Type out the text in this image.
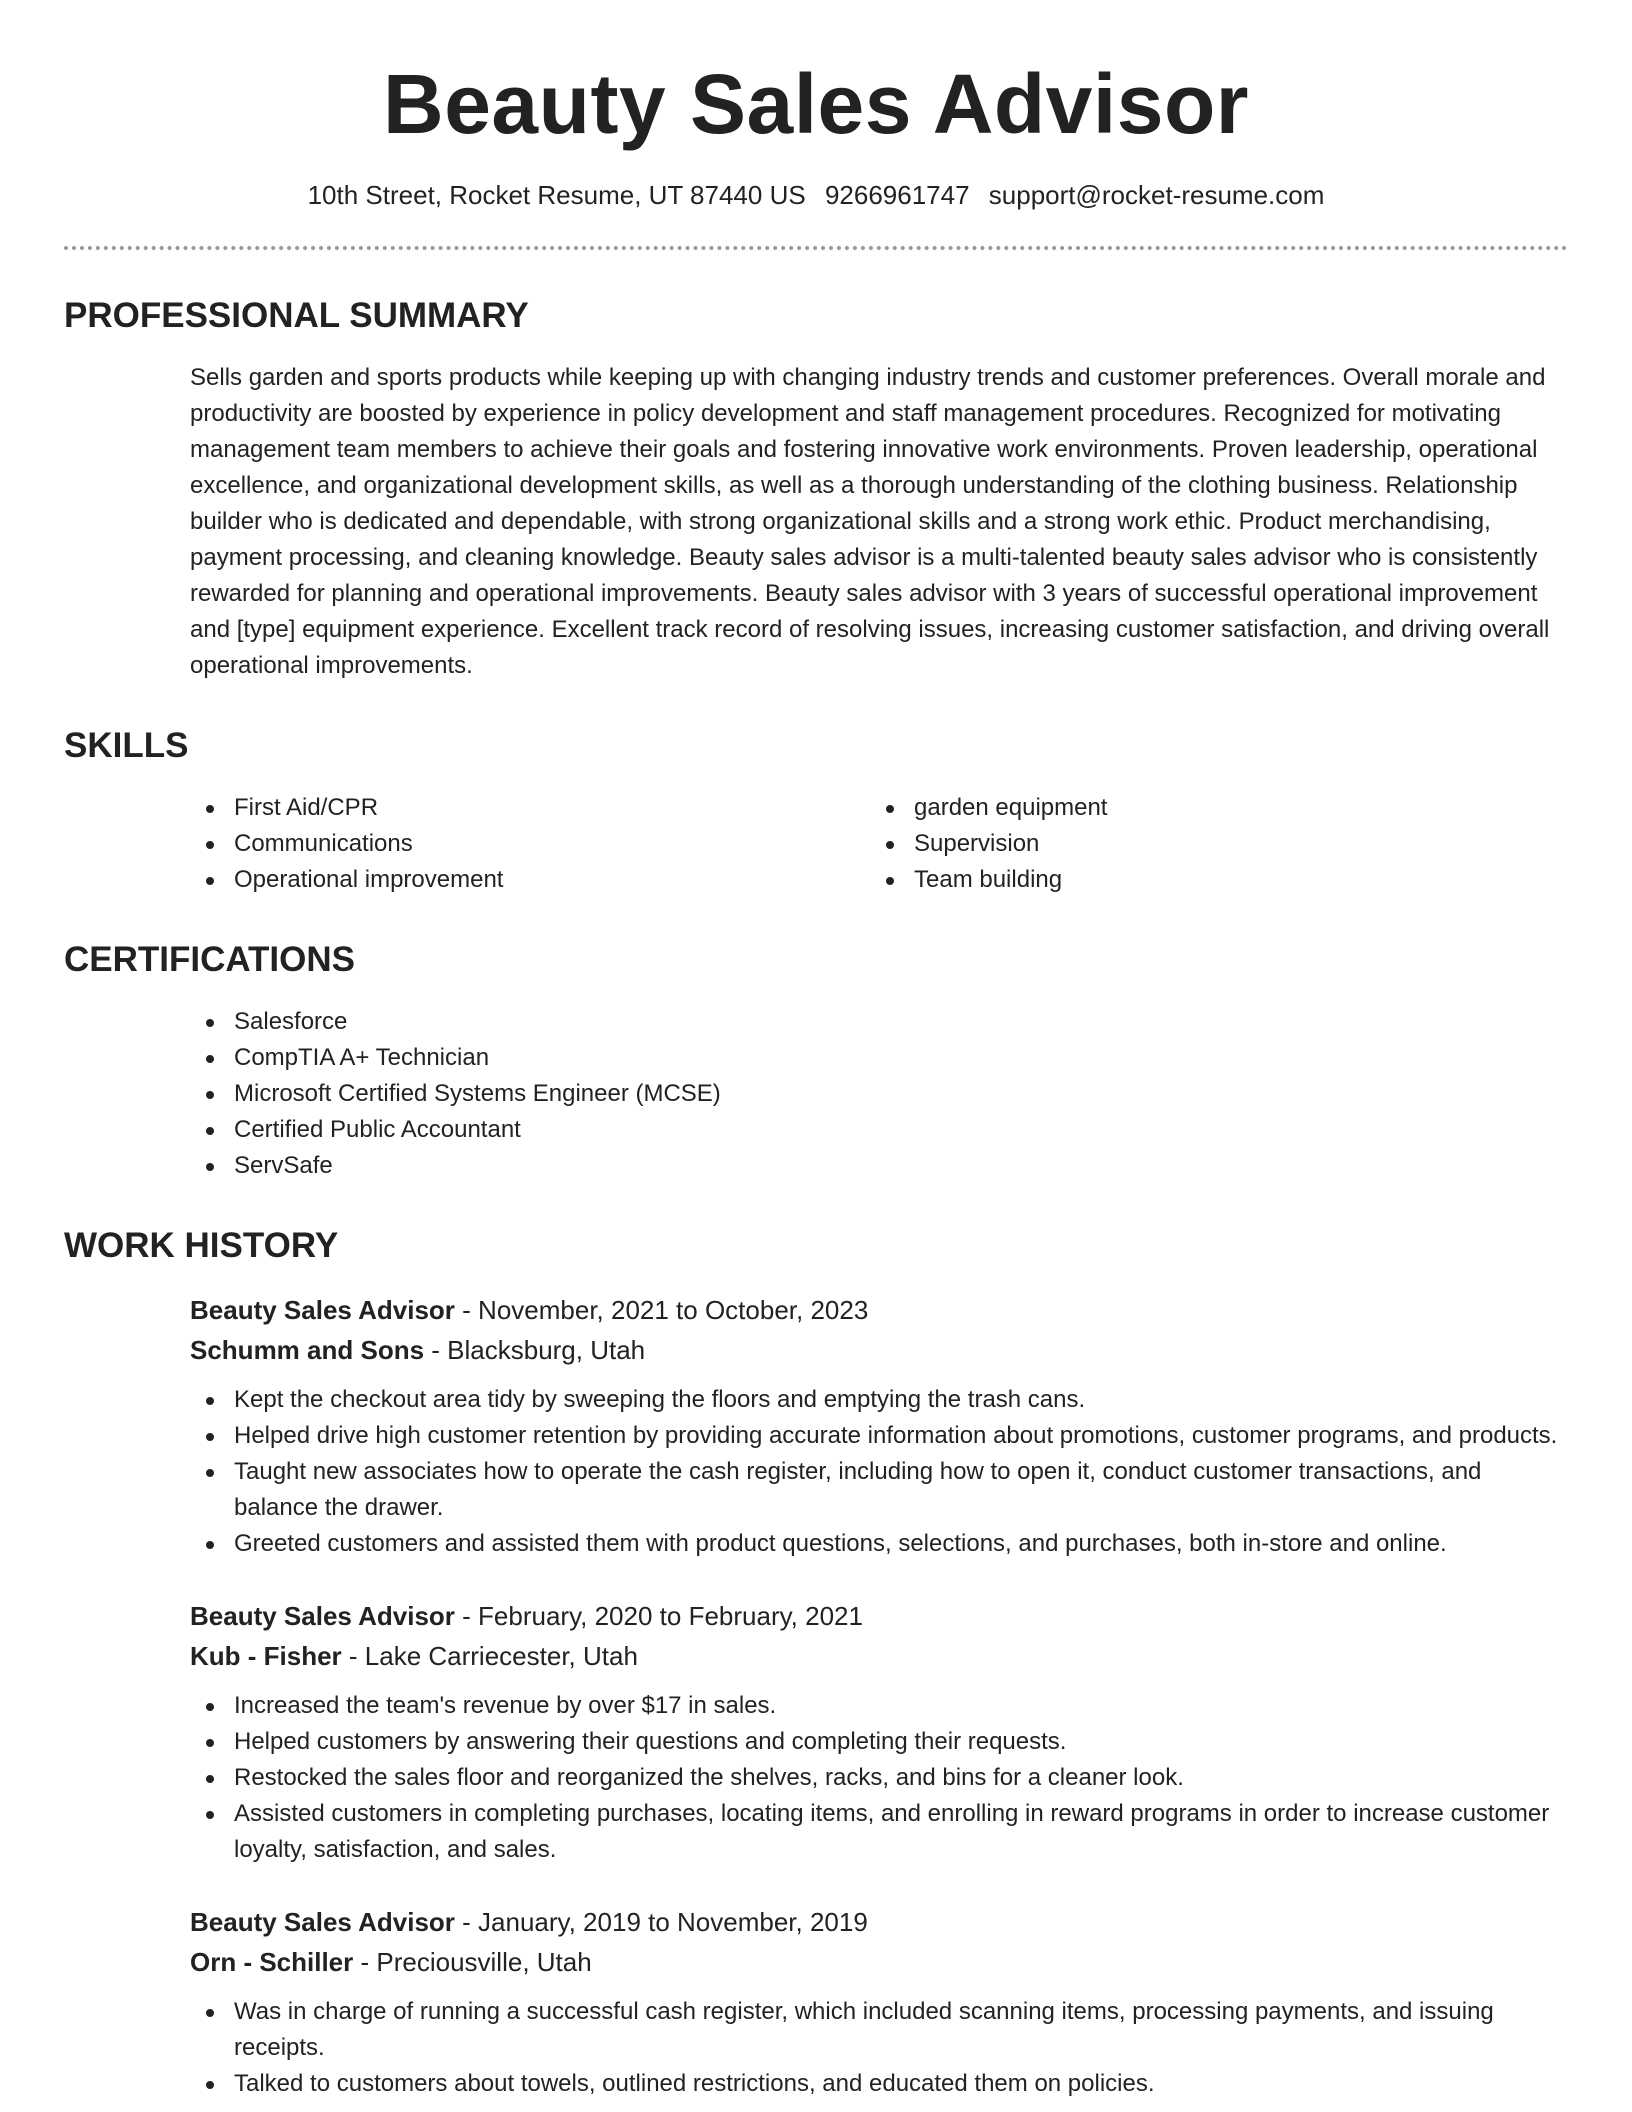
Beauty Sales Advisor
10th Street, Rocket Resume, UT 87440 US 9266961747 support@rocket-resume.com
PROFESSIONAL SUMMARY

Sells garden and sports products while keeping up with changing industry trends and customer preferences. Overall morale and productivity are boosted by experience in policy development and staff management procedures. Recognized for motivating management team members to achieve their goals and fostering innovative work environments. Proven leadership, operational excellence, and organizational development skills, as well as a thorough understanding of the clothing business. Relationship builder who is dedicated and dependable, with strong organizational skills and a strong work ethic. Product merchandising, payment processing, and cleaning knowledge. Beauty sales advisor is a multi-talented beauty sales advisor who is consistently rewarded for planning and operational improvements. Beauty sales advisor with 3 years of successful operational improvement and [type] equipment experience. Excellent track record of resolving issues, increasing customer satisfaction, and driving overall operational improvements.

SKILLS
First Aid/CPR
Communications
Operational improvement
garden equipment
Supervision
Team building
CERTIFICATIONS
Salesforce
CompTIA A+ Technician
Microsoft Certified Systems Engineer (MCSE)
Certified Public Accountant
ServSafe
WORK HISTORY
Beauty Sales Advisor - November, 2021 to October, 2023
Schumm and Sons - Blacksburg, Utah
Kept the checkout area tidy by sweeping the floors and emptying the trash cans.
Helped drive high customer retention by providing accurate information about promotions, customer programs, and products.
Taught new associates how to operate the cash register, including how to open it, conduct customer transactions, and balance the drawer.
Greeted customers and assisted them with product questions, selections, and purchases, both in-store and online.
Beauty Sales Advisor - February, 2020 to February, 2021
Kub - Fisher - Lake Carriecester, Utah
Increased the team's revenue by over $17 in sales.
Helped customers by answering their questions and completing their requests.
Restocked the sales floor and reorganized the shelves, racks, and bins for a cleaner look.
Assisted customers in completing purchases, locating items, and enrolling in reward programs in order to increase customer loyalty, satisfaction, and sales.
Beauty Sales Advisor - January, 2019 to November, 2019
Orn - Schiller - Preciousville, Utah
Was in charge of running a successful cash register, which included scanning items, processing payments, and issuing receipts.
Talked to customers about towels, outlined restrictions, and educated them on policies.
